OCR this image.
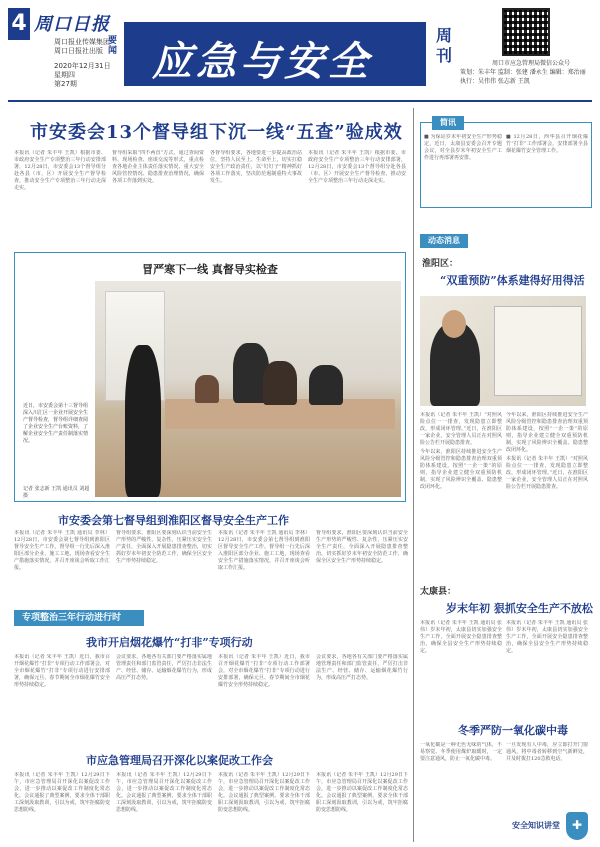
4 周口日报
周口报业传媒集团
周口日报社出版
要闻
2020年12月31日
星期四
第27期	应急与安全
周刊	周口市应急管理局微信公众号
策划：朱丰年 监制：张建 潘永生 编辑：郑治丽
执行：吴伟伟 张志新 王凯
市安委会13个督导组下沉一线“五查”验成效

本报讯（记者 朱丰年 王凯）根据市委、市政府安全生产专项整治三年行动安排部署，12月28日，市安委会13个督导组分赴各县（市、区）开展安全生产督导检查，推动安全生产专项整治三年行动走深走实。

督导组采取“四不两直”方式，通过查阅资料、现场检查、座谈交流等形式，重点检查各地企业主体责任落实情况、重大安全风险管控情况、隐患排查治理情况，确保各项工作落到实处。

各督导组要求，各地要进一步提高政治站位，坚持人民至上、生命至上，切实扛稳安全生产政治责任，以“钉钉子”精神抓好各项工作落实，坚决防范遏制重特大事故发生。

本报讯（记者 朱丰年 王凯）根据市委、市政府安全生产专项整治三年行动安排部署，12月28日，市安委会13个督导组分赴各县（市、区）开展安全生产督导检查，推动安全生产专项整治三年行动走深走实。

冒严寒下一线 真督导实检查
近日，市安委会第十三督导组深入川汇区一企业开展安全生产督导检查，督导组详细查阅了企业安全生产台账资料，了解企业安全生产责任制落实情况。
记者 张志新 王凯 通讯员 刘超 摄
市安委会第七督导组到淮阳区督导安全生产工作

本报讯（记者 朱丰年 王凯 通讯员 李林）12月28日，市安委会第七督导组到淮阳区督导安全生产工作。督导组一行先后深入淮阳区部分企业、施工工地，现场查看安全生产措施落实情况，并召开座谈会听取工作汇报。

督导组要求，淮阳区要深刻认识当前安全生产形势的严峻性、复杂性，压紧压实安全生产责任，全面深入开展隐患排查整治，切实抓好岁末年初安全防范工作，确保全区安全生产形势持续稳定。

本报讯（记者 朱丰年 王凯 通讯员 李林）12月28日，市安委会第七督导组到淮阳区督导安全生产工作。督导组一行先后深入淮阳区部分企业、施工工地，现场查看安全生产措施落实情况，并召开座谈会听取工作汇报。

督导组要求，淮阳区要深刻认识当前安全生产形势的严峻性、复杂性，压紧压实安全生产责任，全面深入开展隐患排查整治，切实抓好岁末年初安全防范工作，确保全区安全生产形势持续稳定。

专项整治三年行动进行时
我市开启烟花爆竹“打非”专项行动

本报讯（记者 朱丰年 王凯）近日，我市召开烟花爆竹“打非”专项行动工作部署会，对全市烟花爆竹“打非”专项行动进行安排部署，确保元旦、春节期间全市烟花爆竹安全形势持续稳定。

会议要求，各地各有关部门要严格落实属地管理责任和部门监管责任，严厉打击非法生产、经营、储存、运输烟花爆竹行为，形成高压严打态势。

本报讯（记者 朱丰年 王凯）近日，我市召开烟花爆竹“打非”专项行动工作部署会，对全市烟花爆竹“打非”专项行动进行安排部署，确保元旦、春节期间全市烟花爆竹安全形势持续稳定。

会议要求，各地各有关部门要严格落实属地管理责任和部门监管责任，严厉打击非法生产、经营、储存、运输烟花爆竹行为，形成高压严打态势。

市应急管理局召开深化以案促改工作会

本报讯（记者 朱丰年 王凯）12月29日下午，市应急管理局召开深化以案促改工作会，进一步推动以案促改工作制度化常态化。会议通报了典型案例，要求全体干部职工深刻汲取教训，引以为戒，筑牢拒腐防变思想防线。

本报讯（记者 朱丰年 王凯）12月29日下午，市应急管理局召开深化以案促改工作会，进一步推动以案促改工作制度化常态化。会议通报了典型案例，要求全体干部职工深刻汲取教训，引以为戒，筑牢拒腐防变思想防线。

本报讯（记者 朱丰年 王凯）12月29日下午，市应急管理局召开深化以案促改工作会，进一步推动以案促改工作制度化常态化。会议通报了典型案例，要求全体干部职工深刻汲取教训，引以为戒，筑牢拒腐防变思想防线。

本报讯（记者 朱丰年 王凯）12月29日下午，市应急管理局召开深化以案促改工作会，进一步推动以案促改工作制度化常态化。会议通报了典型案例，要求全体干部职工深刻汲取教训，引以为戒，筑牢拒腐防变思想防线。

简讯

■ 为保证岁末年初安全生产形势稳定，近日，太康县安委会召开专题会议，对全县岁末年初安全生产工作进行再部署再安排。

■ 12月28日，西华县召开烟花爆竹“打非”工作部署会，安排部署全县烟花爆竹安全管理工作。

动态消息
淮阳区：
“双重预防”体系建得好用得活

本报讯（记者 朱丰年 王凯）“对照风险点位一一排查，发现隐患立即整改，形成闭环管理。”近日，在淮阳区一家企业，安全管理人员正在对照风险公告栏开展隐患排查。

今年以来，淮阳区持续推进安全生产风险分级管控和隐患排查治理双重预防体系建设，按照“一企一策”的原则，指导企业建立健全双重预防机制，实现了风险辨识全覆盖、隐患整改闭环化。

今年以来，淮阳区持续推进安全生产风险分级管控和隐患排查治理双重预防体系建设，按照“一企一策”的原则，指导企业建立健全双重预防机制，实现了风险辨识全覆盖、隐患整改闭环化。

本报讯（记者 朱丰年 王凯）“对照风险点位一一排查，发现隐患立即整改，形成闭环管理。”近日，在淮阳区一家企业，安全管理人员正在对照风险公告栏开展隐患排查。

太康县：
岁末年初 狠抓安全生产不放松

本报讯（记者 朱丰年 王凯 通讯员 张伟）岁末年初，太康县切实加强安全生产工作，全面开展安全隐患排查整治，确保全县安全生产形势持续稳定。

本报讯（记者 朱丰年 王凯 通讯员 张伟）岁末年初，太康县切实加强安全生产工作，全面开展安全隐患排查整治，确保全县安全生产形势持续稳定。

冬季严防一氧化碳中毒

一氧化碳是一种无色无味的气体，不易察觉。冬季使用煤炉取暖时，一定要注意通风，防止一氧化碳中毒。

一旦发现有人中毒，应立即打开门窗通风，将中毒者转移到空气新鲜处，并及时拨打120急救电话。

安全知识讲堂 ✚
